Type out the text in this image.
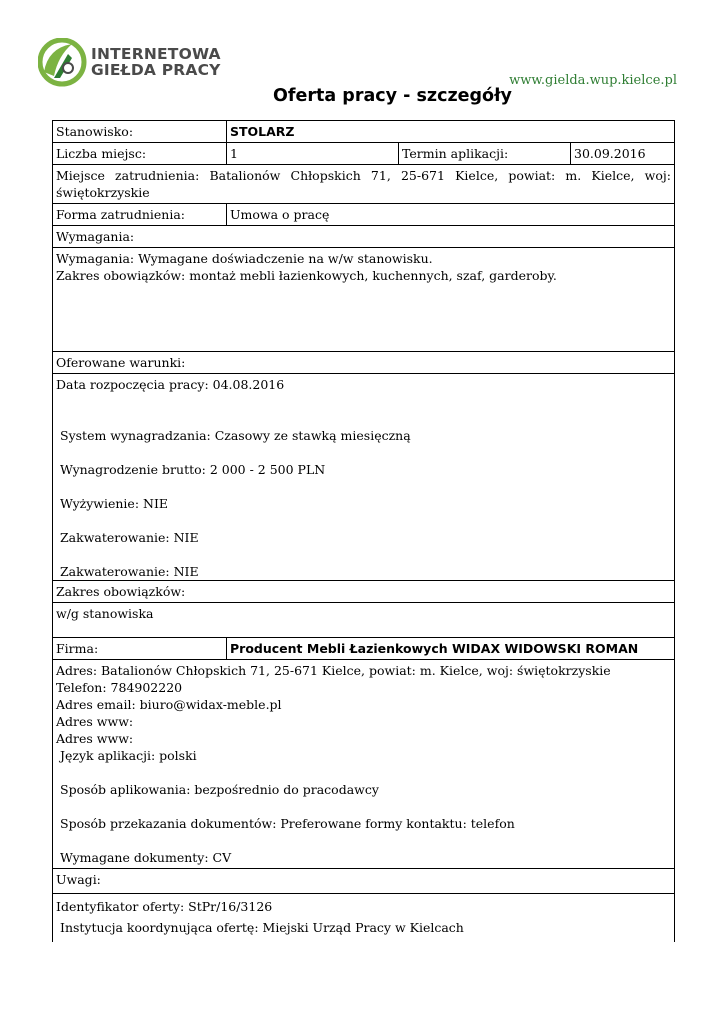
INTERNETOWA
GIEŁDA PRACY
www.gielda.wup.kielce.pl
Oferta pracy - szczegóły
Stanowisko:	STOLARZ
Liczba miejsc:	1	Termin aplikacji:	30.09.2016
Miejsce zatrudnienia: Batalionów Chłopskich 71, 25-671 Kielce, powiat: m. Kielce, woj: świętokrzyskie
Forma zatrudnienia:	Umowa o pracę
Wymagania:
Wymagania: Wymagane doświadczenie na w/w stanowisku.
Zakres obowiązków: montaż mebli łazienkowych, kuchennych, szaf, garderoby.
Oferowane warunki:
Data rozpoczęcia pracy: 04.08.2016
System wynagradzania: Czasowy ze stawką miesięczną
Wynagrodzenie brutto: 2 000 - 2 500 PLN
Wyżywienie: NIE
Zakwaterowanie: NIE
Zakwaterowanie: NIE
Zakres obowiązków:
w/g stanowiska
Firma:	Producent Mebli Łazienkowych WIDAX WIDOWSKI ROMAN
Adres: Batalionów Chłopskich 71, 25-671 Kielce, powiat: m. Kielce, woj: świętokrzyskie
Telefon: 784902220
Adres email: biuro@widax-meble.pl
Adres www:
Adres www:
Język aplikacji: polski
Sposób aplikowania: bezpośrednio do pracodawcy
Sposób przekazania dokumentów: Preferowane formy kontaktu: telefon
Wymagane dokumenty: CV
Uwagi:
Identyfikator oferty: StPr/16/3126
Instytucja koordynująca ofertę: Miejski Urząd Pracy w Kielcach
